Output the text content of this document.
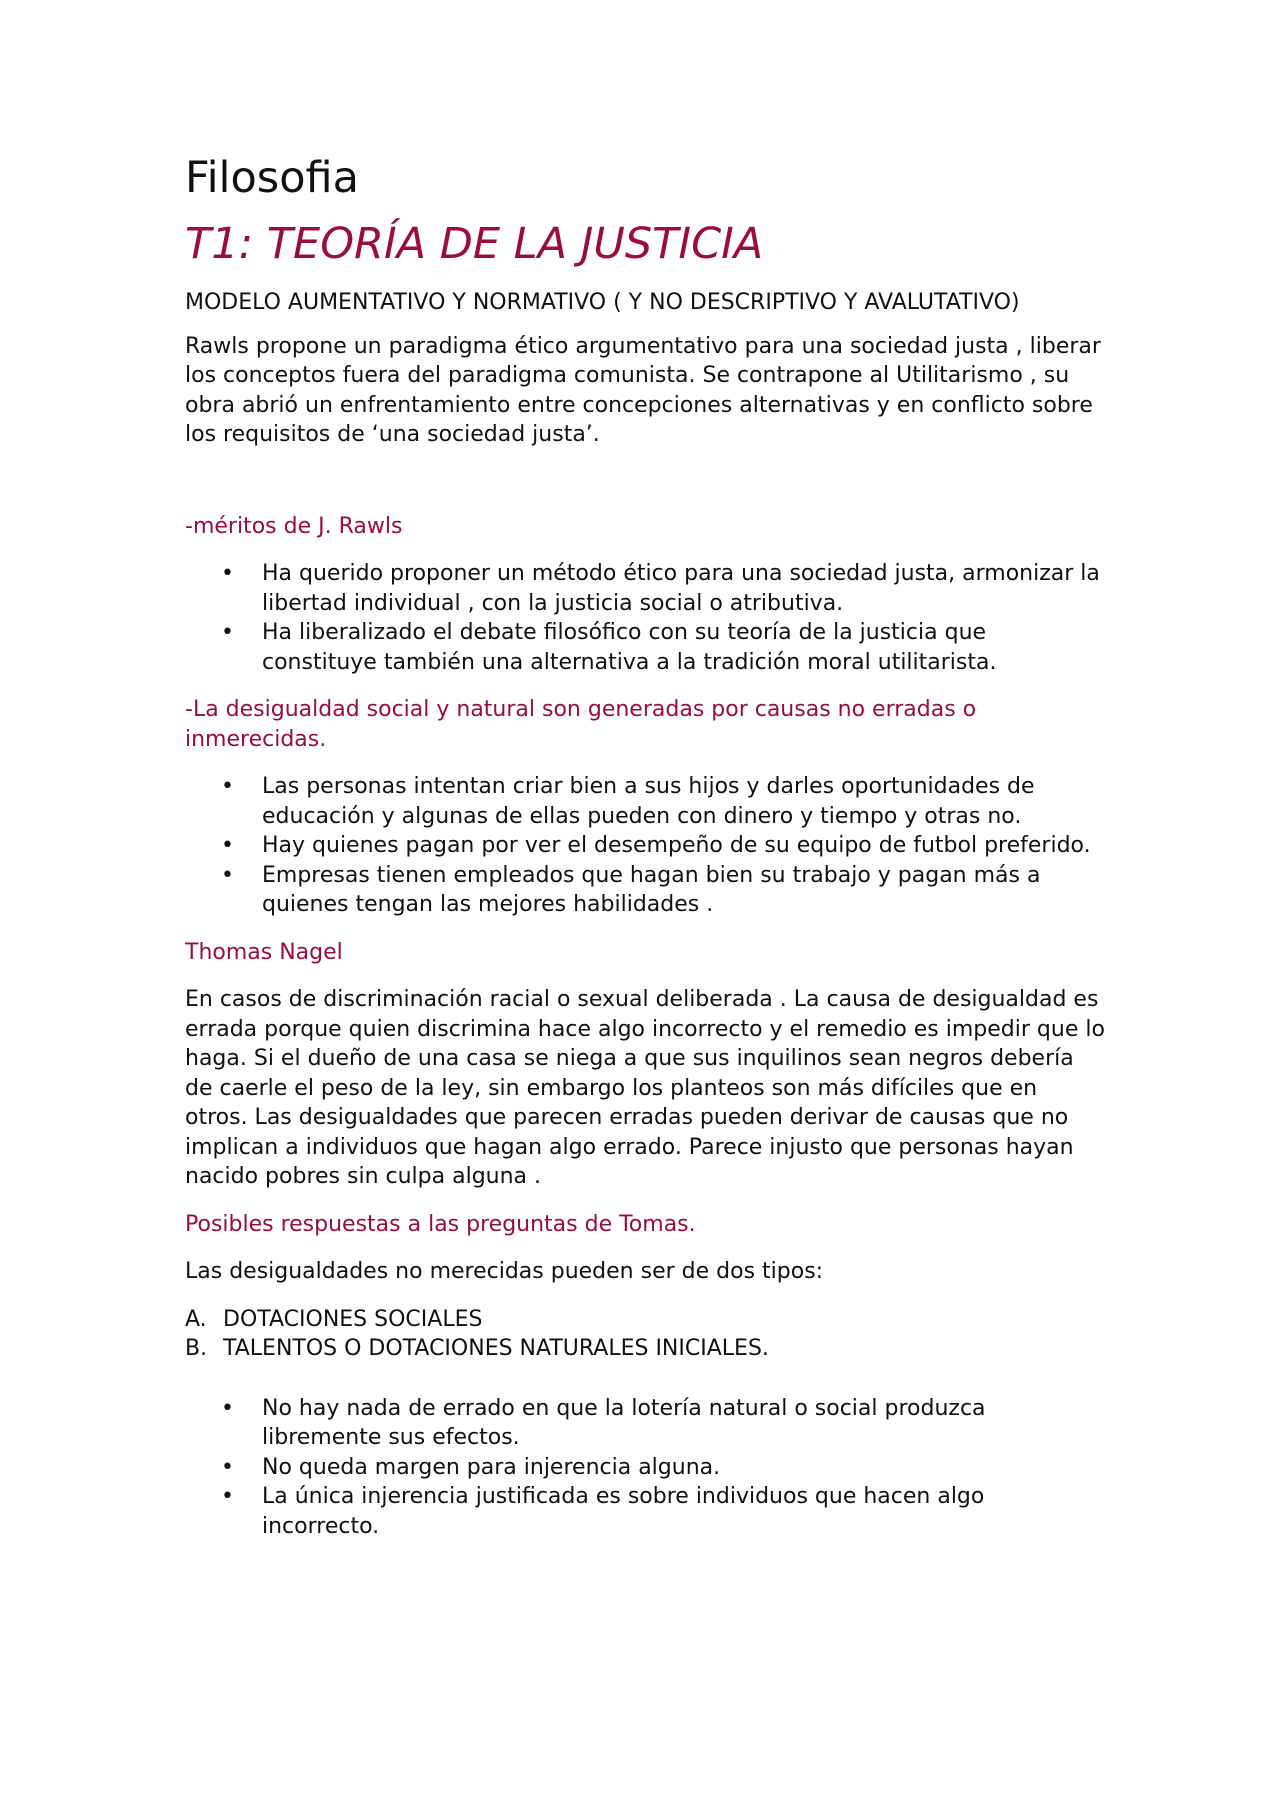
Filosofia
T1: TEORÍA DE LA JUSTICIA
MODELO AUMENTATIVO Y NORMATIVO ( Y NO DESCRIPTIVO Y AVALUTATIVO)
Rawls propone un paradigma ético argumentativo para una sociedad justa , liberar los conceptos fuera del paradigma comunista. Se contrapone al Utilitarismo , su obra abrió un enfrentamiento entre concepciones alternativas y en conflicto sobre los requisitos de ‘una sociedad justa’.
-méritos de J. Rawls
• Ha querido proponer un método ético para una sociedad justa, armonizar la libertad individual , con la justicia social o atributiva.
• Ha liberalizado el debate filosófico con su teoría de la justicia que constituye también una alternativa a la tradición moral utilitarista.
-La desigualdad social y natural son generadas por causas no erradas o inmerecidas.
• Las personas intentan criar bien a sus hijos y darles oportunidades de educación y algunas de ellas pueden con dinero y tiempo y otras no.
• Hay quienes pagan por ver el desempeño de su equipo de futbol preferido.
• Empresas tienen empleados que hagan bien su trabajo y pagan más a quienes tengan las mejores habilidades .
Thomas Nagel
En casos de discriminación racial o sexual deliberada . La causa de desigualdad es errada porque quien discrimina hace algo incorrecto y el remedio es impedir que lo haga. Si el dueño de una casa se niega a que sus inquilinos sean negros debería de caerle el peso de la ley, sin embargo los planteos son más difíciles que en otros. Las desigualdades que parecen erradas pueden derivar de causas que no implican a individuos que hagan algo errado. Parece injusto que personas hayan nacido pobres sin culpa alguna .
Posibles respuestas a las preguntas de Tomas.
Las desigualdades no merecidas pueden ser de dos tipos:
A. DOTACIONES SOCIALES
B. TALENTOS O DOTACIONES NATURALES INICIALES.
• No hay nada de errado en que la lotería natural o social produzca libremente sus efectos.
• No queda margen para injerencia alguna.
• La única injerencia justificada es sobre individuos que hacen algo incorrecto.
